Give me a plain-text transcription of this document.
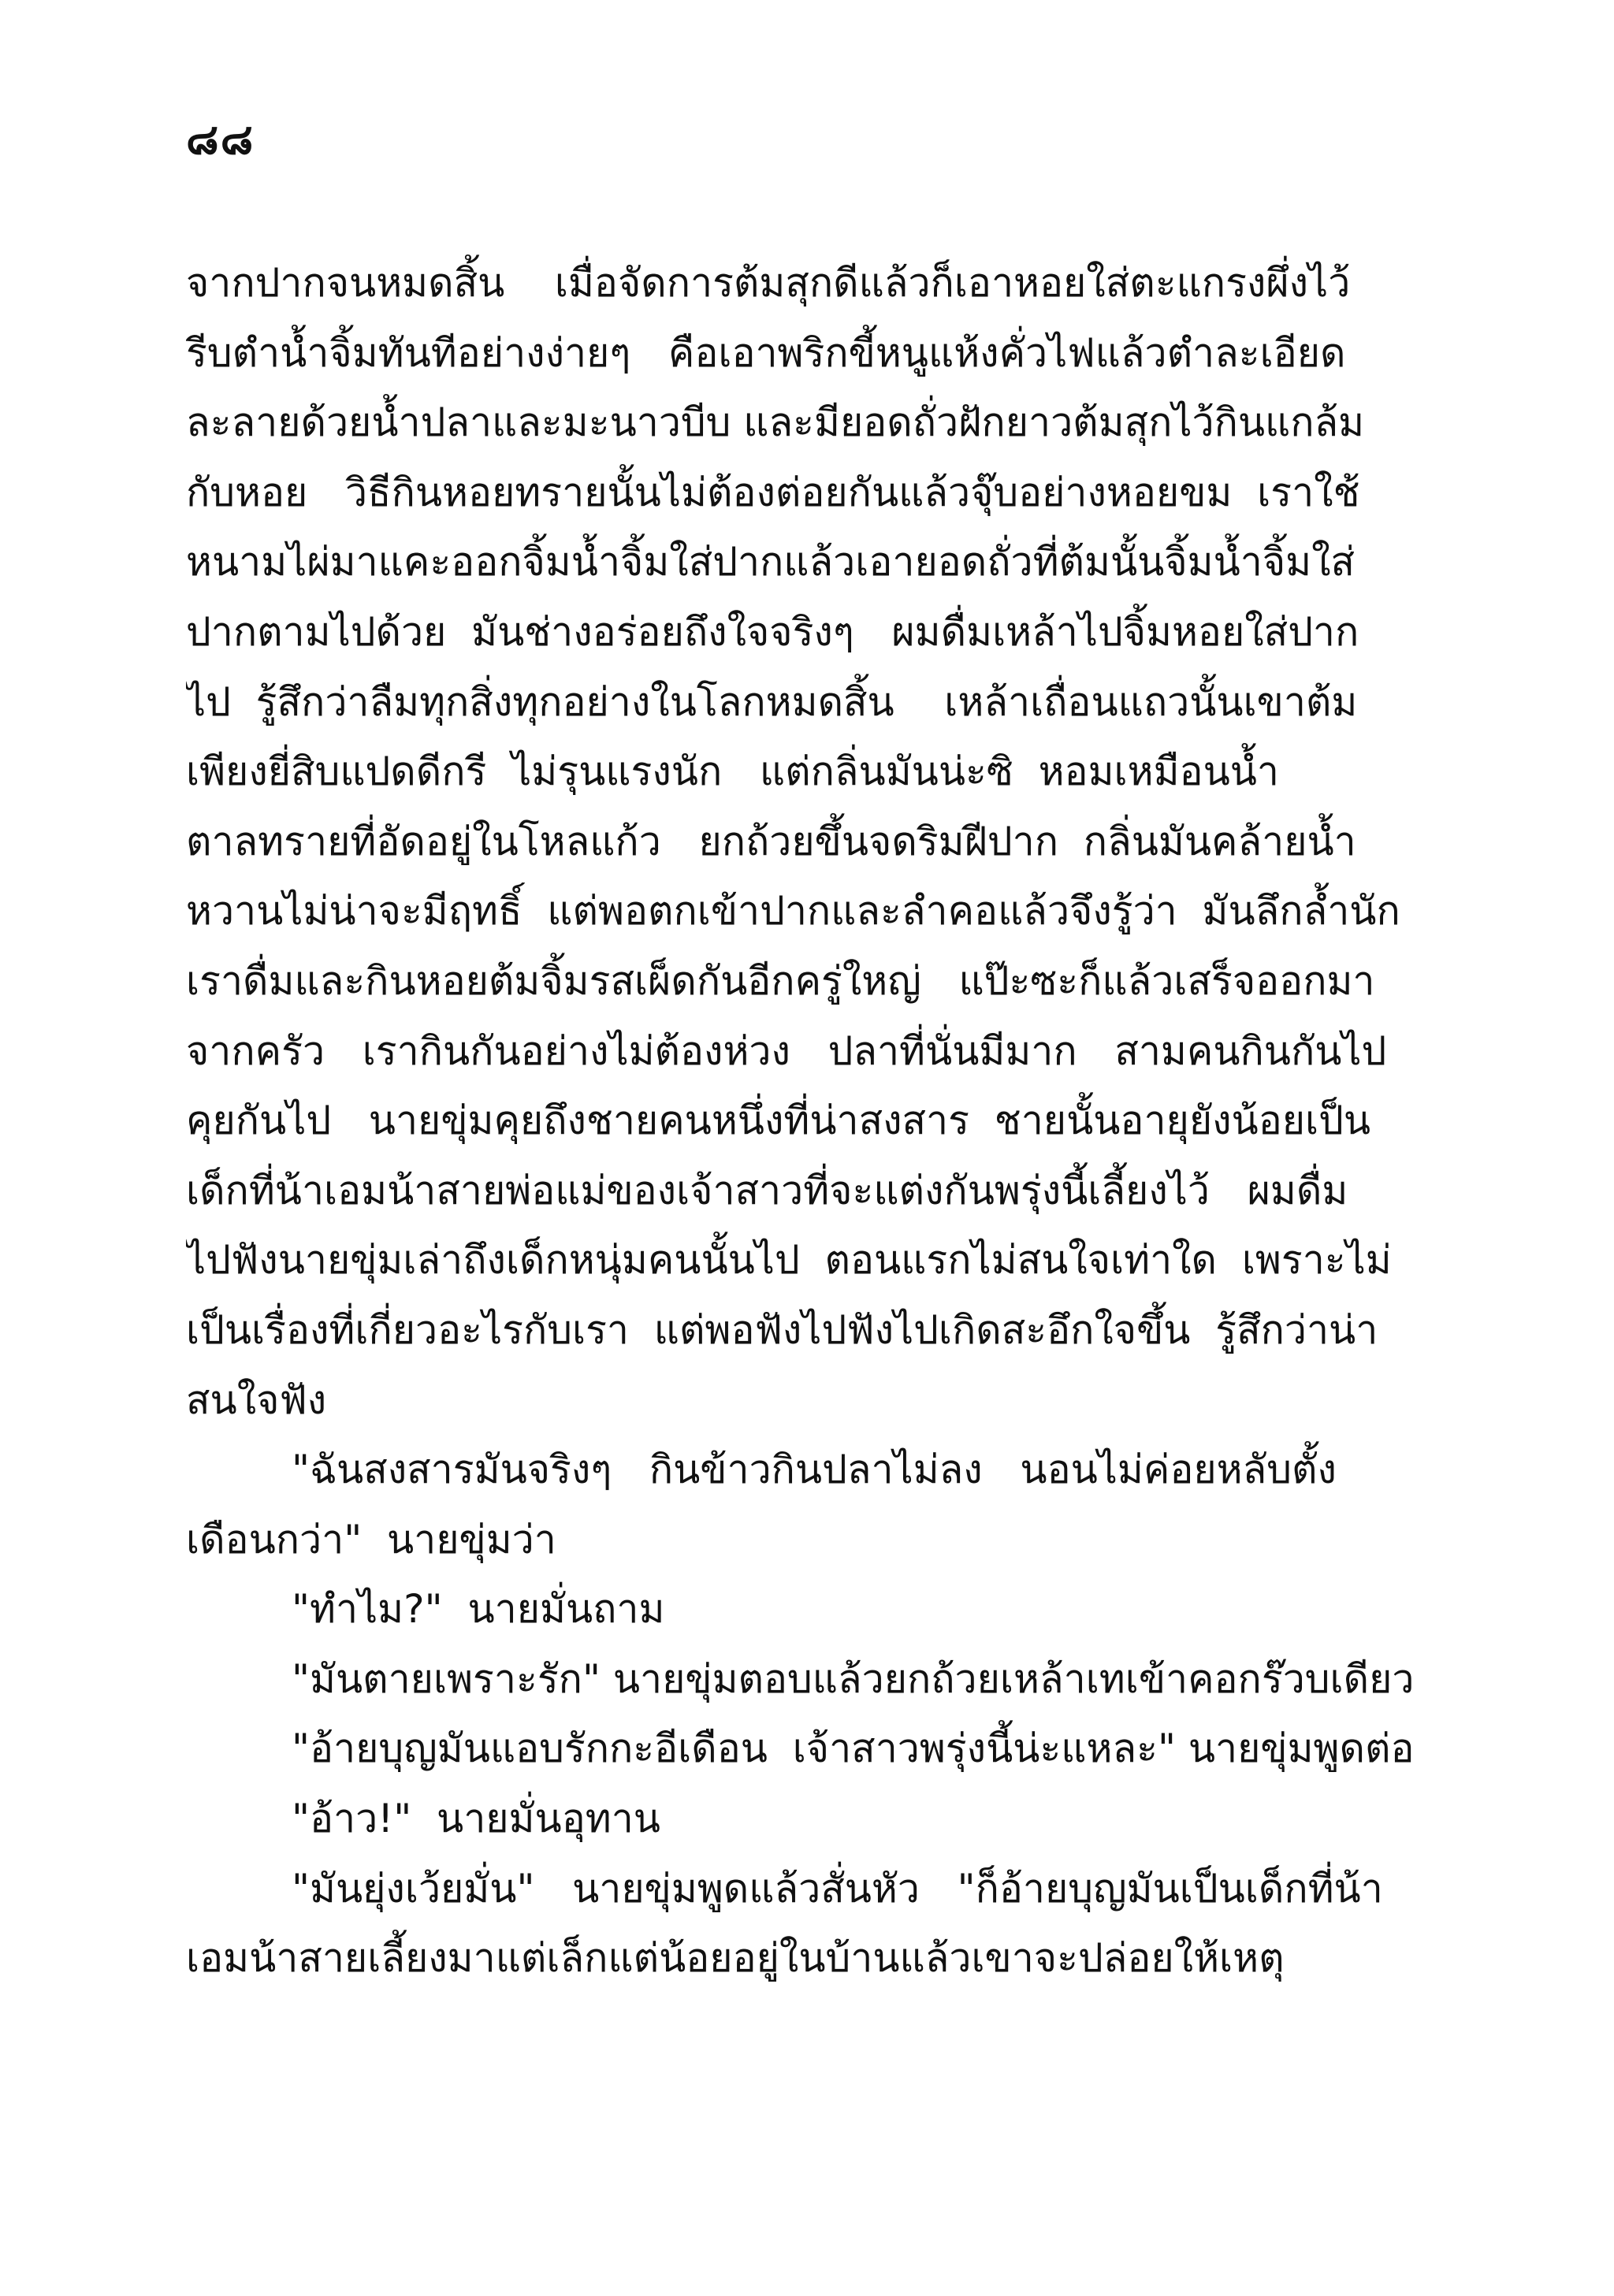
๘๘
จากปากจนหมดสิ้น    เมื่อจัดการต้มสุกดีแล้วก็เอาหอยใส่ตะแกรงผึ่งไว้
รีบตำน้ำจิ้มทันทีอย่างง่ายๆ   คือเอาพริกขี้หนูแห้งคั่วไฟแล้วตำละเอียด
ละลายด้วยน้ำปลาและมะนาวบีบ และมียอดถั่วฝักยาวต้มสุกไว้กินแกล้ม
กับหอย   วิธีกินหอยทรายนั้นไม่ต้องต่อยกันแล้วจุ๊บอย่างหอยขม  เราใช้
หนามไผ่มาแคะออกจิ้มน้ำจิ้มใส่ปากแล้วเอายอดถั่วที่ต้มนั้นจิ้มน้ำจิ้มใส่
ปากตามไปด้วย  มันช่างอร่อยถึงใจจริงๆ   ผมดื่มเหล้าไปจิ้มหอยใส่ปาก
ไป  รู้สึกว่าลืมทุกสิ่งทุกอย่างในโลกหมดสิ้น    เหล้าเถื่อนแถวนั้นเขาต้ม
เพียงยี่สิบแปดดีกรี  ไม่รุนแรงนัก   แต่กลิ่นมันน่ะซิ  หอมเหมือนน้ำ
ตาลทรายที่อัดอยู่ในโหลแก้ว   ยกถ้วยขึ้นจดริมฝีปาก  กลิ่นมันคล้ายน้ำ
หวานไม่น่าจะมีฤทธิ์  แต่พอตกเข้าปากและลำคอแล้วจึงรู้ว่า  มันลึกล้ำนัก
เราดื่มและกินหอยต้มจิ้มรสเผ็ดกันอีกครู่ใหญ่   แป๊ะซะก็แล้วเสร็จออกมา
จากครัว   เรากินกันอย่างไม่ต้องห่วง   ปลาที่นั่นมีมาก   สามคนกินกันไป
คุยกันไป   นายขุ่มคุยถึงชายคนหนึ่งที่น่าสงสาร  ชายนั้นอายุยังน้อยเป็น
เด็กที่น้าเอมน้าสายพ่อแม่ของเจ้าสาวที่จะแต่งกันพรุ่งนี้เลี้ยงไว้   ผมดื่ม
ไปฟังนายขุ่มเล่าถึงเด็กหนุ่มคนนั้นไป  ตอนแรกไม่สนใจเท่าใด  เพราะไม่
เป็นเรื่องที่เกี่ยวอะไรกับเรา  แต่พอฟังไปฟังไปเกิดสะอึกใจขึ้น  รู้สึกว่าน่า
สนใจฟัง
"ฉันสงสารมันจริงๆ   กินข้าวกินปลาไม่ลง   นอนไม่ค่อยหลับตั้ง
เดือนกว่า"  นายขุ่มว่า
"ทำไม?"  นายมั่นถาม
"มันตายเพราะรัก" นายขุ่มตอบแล้วยกถ้วยเหล้าเทเข้าคอกร๊วบเดียว
"อ้ายบุญมันแอบรักกะอีเดือน  เจ้าสาวพรุ่งนี้น่ะแหละ" นายขุ่มพูดต่อ
"อ้าว!"  นายมั่นอุทาน
"มันยุ่งเว้ยมั่น"   นายขุ่มพูดแล้วสั่นหัว   "ก็อ้ายบุญมันเป็นเด็กที่น้า
เอมน้าสายเลี้ยงมาแต่เล็กแต่น้อยอยู่ในบ้านแล้วเขาจะปล่อยให้เหตุ
